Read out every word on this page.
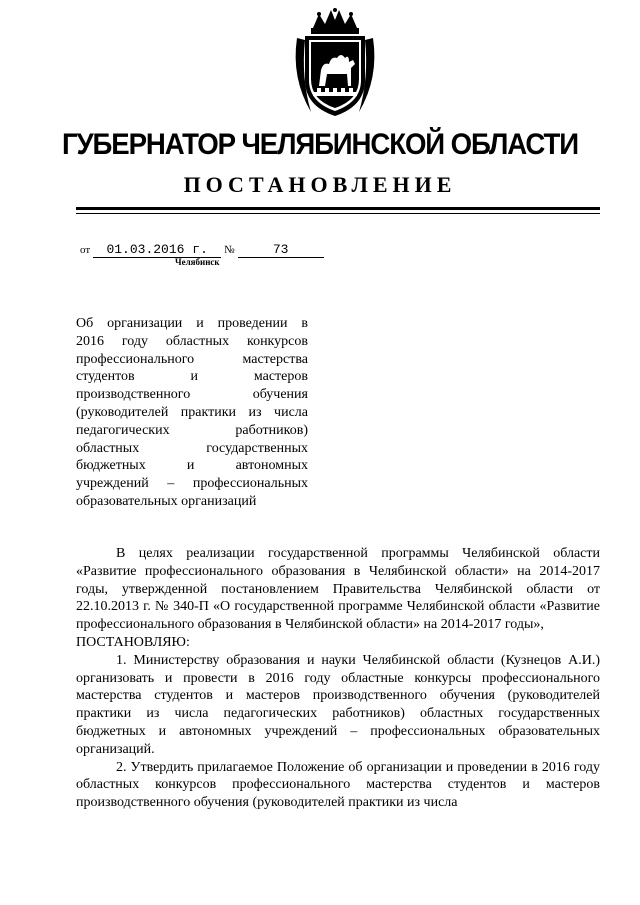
ГУБЕРНАТОР ЧЕЛЯБИНСКОЙ ОБЛАСТИ
ПОСТАНОВЛЕНИЕ
от 01.03.2016 г. №	73
Челябинск
Об организации и проведении в
2016 году областных конкурсов
профессионального мастерства
студентов и мастеров
производственного обучения
(руководителей практики из числа
педагогических работников)
областных государственных
бюджетных и автономных
учреждений – профессиональных
образовательных организаций

В целях реализации государственной программы Челябинской области «Развитие профессионального образования в Челябинской области» на 2014-2017 годы, утвержденной постановлением Правительства Челябинской области от 22.10.2013 г. № 340-П «О государственной программе Челябинской области «Развитие профессионального образования в Челябинской области» на 2014-2017 годы»,

ПОСТАНОВЛЯЮ:

1. Министерству образования и науки Челябинской области (Кузнецов А.И.) организовать и провести в 2016 году областные конкурсы профессионального мастерства студентов и мастеров производственного обучения (руководителей практики из числа педагогических работников) областных государственных бюджетных и автономных учреждений – профессиональных образовательных организаций.

2. Утвердить прилагаемое Положение об организации и проведении в 2016 году областных конкурсов профессионального мастерства студентов и мастеров производственного обучения (руководителей практики из числа
